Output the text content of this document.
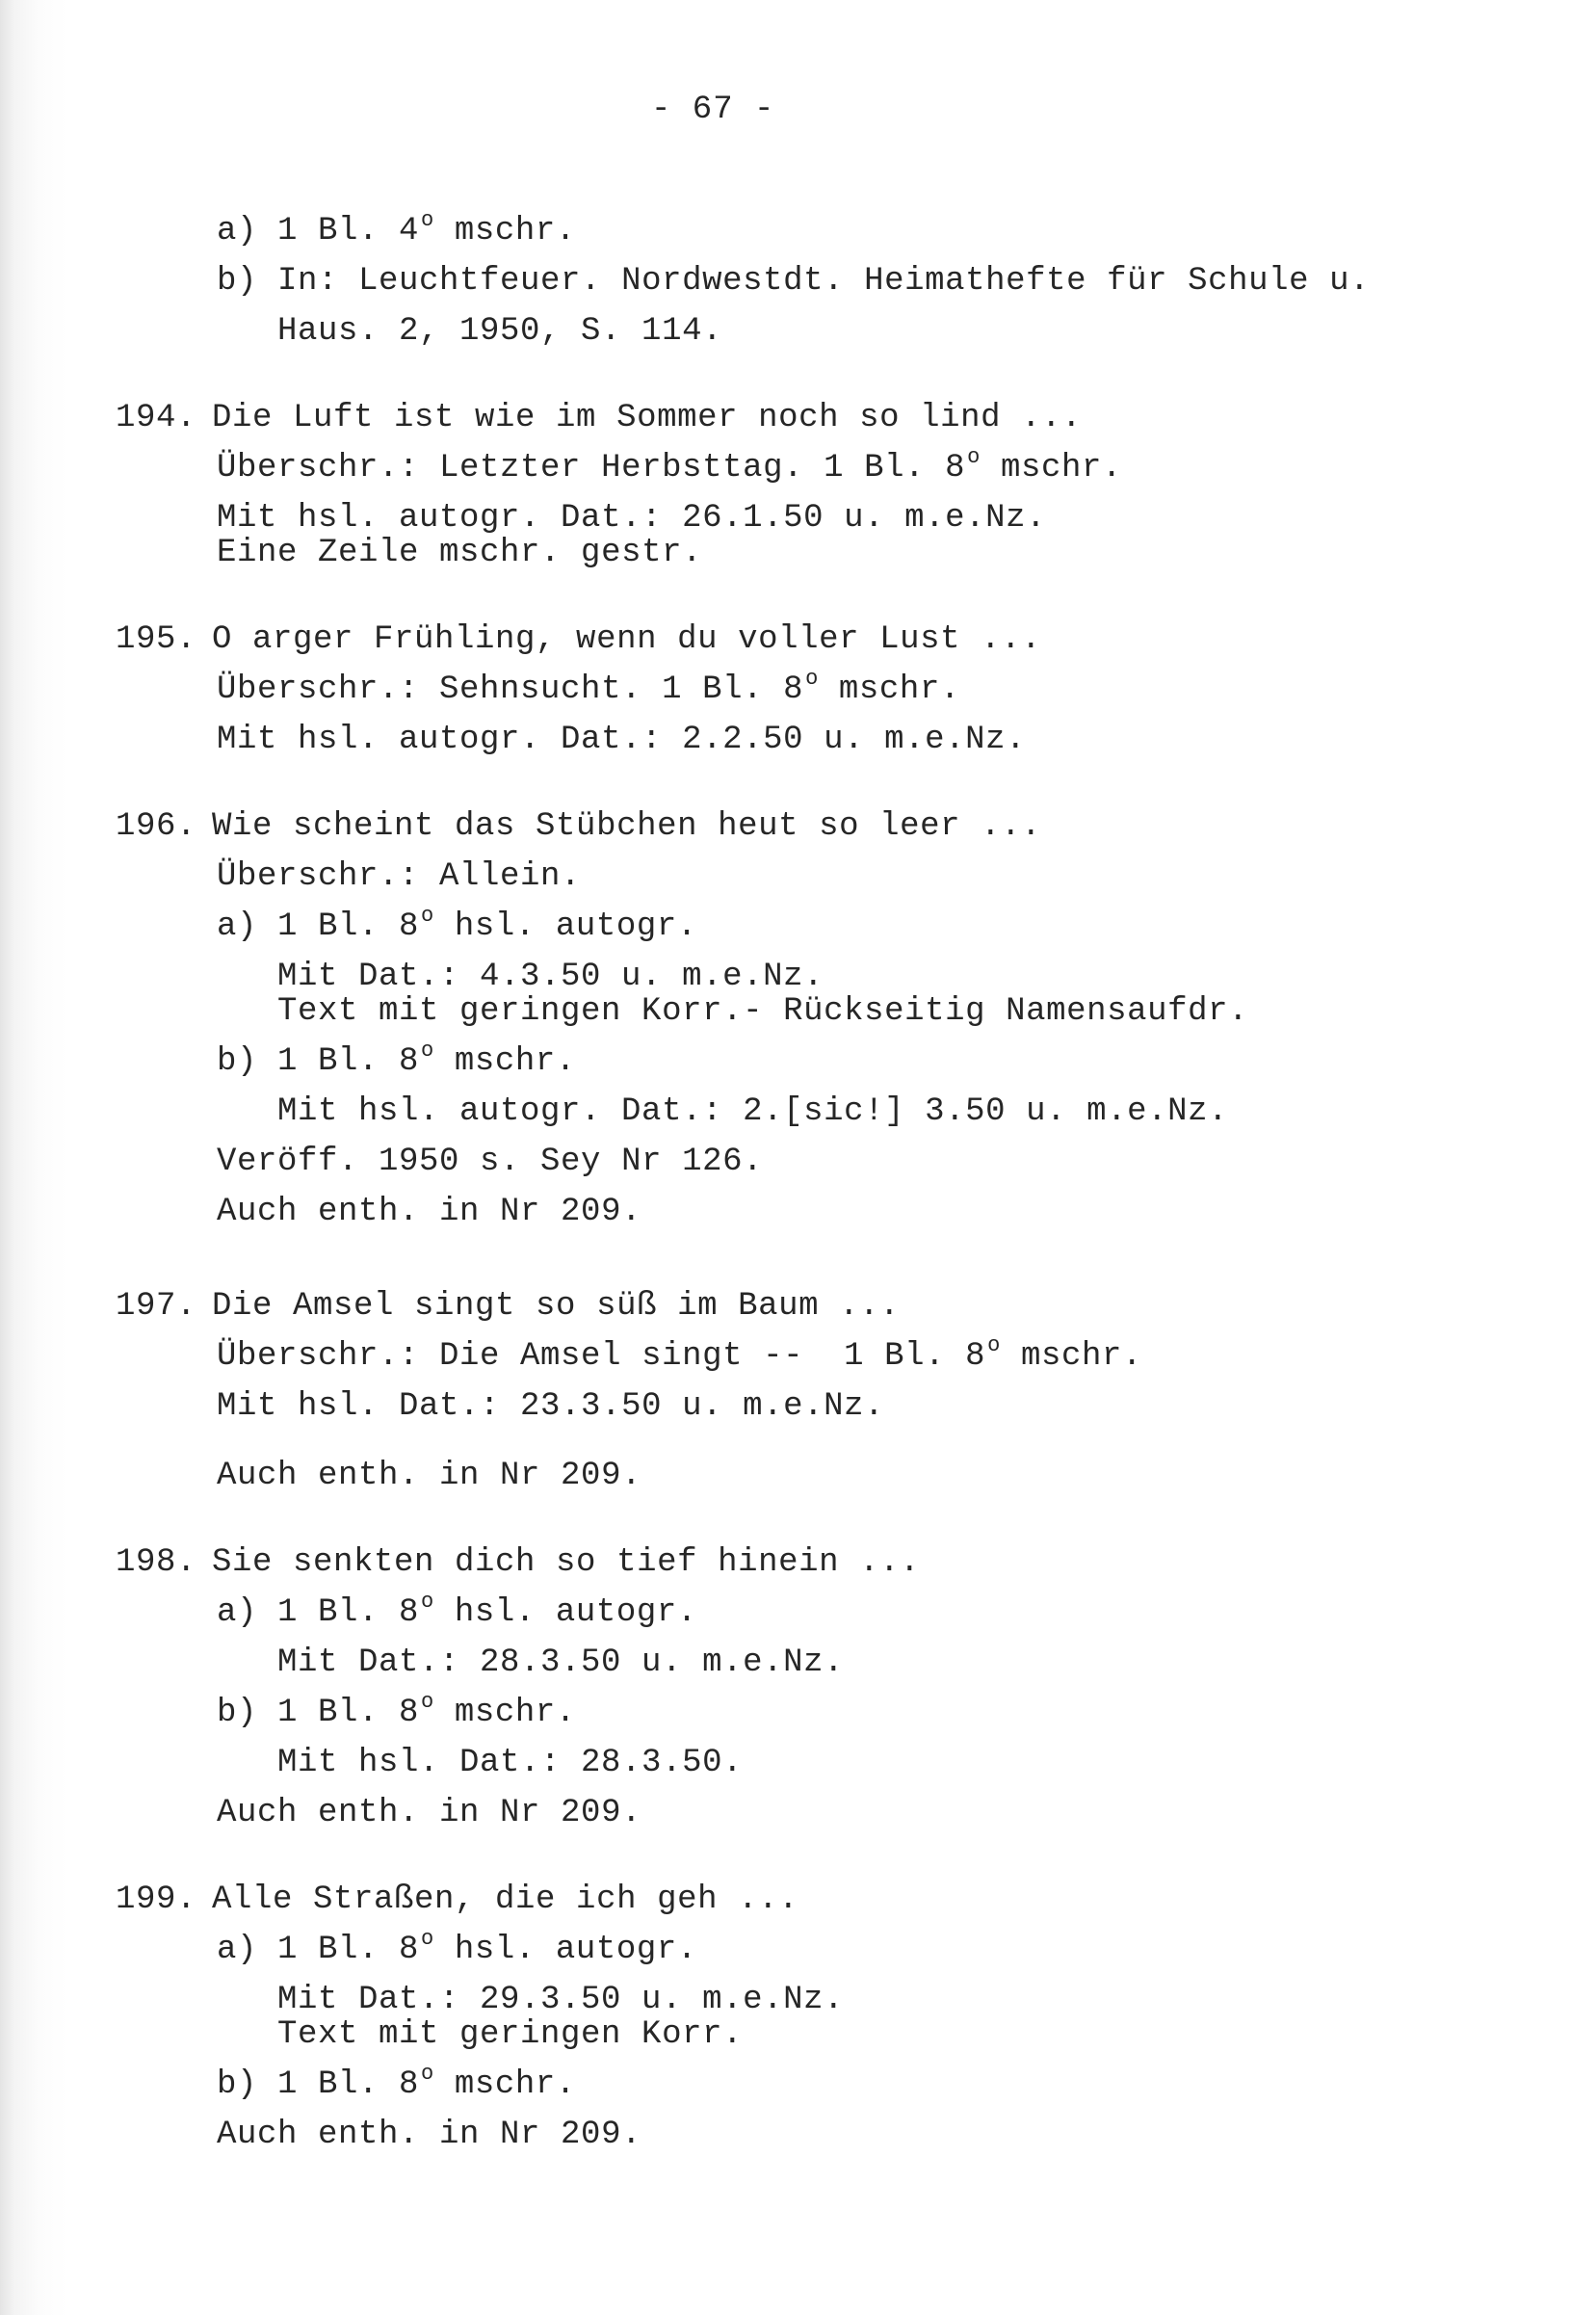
- 67 -
a) 1 Bl. 4$^o$ mschr.
b) In: Leuchtfeuer. Nordwestdt. Heimathefte für Schule u.
Haus. 2, 1950, S. 114.
194. Die Luft ist wie im Sommer noch so lind ...
Überschr.: Letzter Herbsttag. 1 Bl. 8$^o$ mschr.
Mit hsl. autogr. Dat.: 26.1.50 u. m.e.Nz.
Eine Zeile mschr. gestr.
195. O arger Frühling, wenn du voller Lust ...
Überschr.: Sehnsucht. 1 Bl. 8$^o$ mschr.
Mit hsl. autogr. Dat.: 2.2.50 u. m.e.Nz.
196. Wie scheint das Stübchen heut so leer ...
Überschr.: Allein.
a) 1 Bl. 8$^o$ hsl. autogr.
Mit Dat.: 4.3.50 u. m.e.Nz.
Text mit geringen Korr.- Rückseitig Namensaufdr.
b) 1 Bl. 8$^o$ mschr.
Mit hsl. autogr. Dat.: 2.[sic!] 3.50 u. m.e.Nz.
Veröff. 1950 s. Sey Nr 126.
Auch enth. in Nr 209.
197. Die Amsel singt so süß im Baum ...
Überschr.: Die Amsel singt --  1 Bl. 8$^o$ mschr.
Mit hsl. Dat.: 23.3.50 u. m.e.Nz.
Auch enth. in Nr 209.
198. Sie senkten dich so tief hinein ...
a) 1 Bl. 8$^o$ hsl. autogr.
Mit Dat.: 28.3.50 u. m.e.Nz.
b) 1 Bl. 8$^o$ mschr.
Mit hsl. Dat.: 28.3.50.
Auch enth. in Nr 209.
199. Alle Straßen, die ich geh ...
a) 1 Bl. 8$^o$ hsl. autogr.
Mit Dat.: 29.3.50 u. m.e.Nz.
Text mit geringen Korr.
b) 1 Bl. 8$^o$ mschr.
Auch enth. in Nr 209.
